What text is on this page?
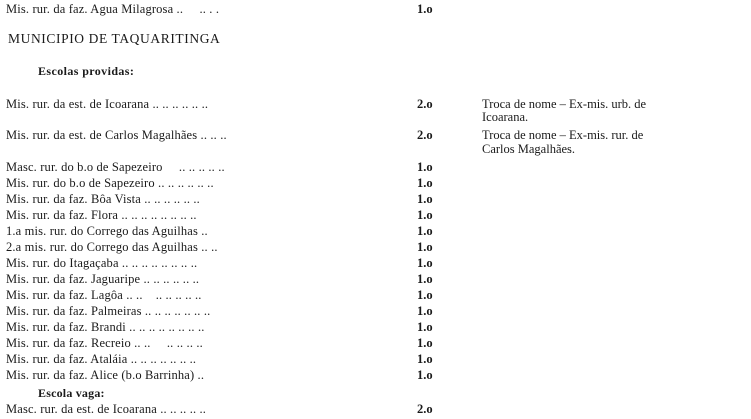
Mis. rur. da faz. Agua Milagrosa ..     .. . .	1.o
MUNICIPIO DE TAQUARITINGA
Escolas providas:
Mis. rur. da est. de Icoarana .. .. .. .. .. ..	2.o	Troca de nome – Ex-mis. urb. de
Icoarana.
Mis. rur. da est. de Carlos Magalhães .. .. ..	2.o	Troca de nome – Ex-mis. rur. de
Carlos Magalhães.
Masc. rur. do b.o de Sapezeiro     .. .. .. .. ..	1.o
Mis. rur. do b.o de Sapezeiro .. .. .. .. .. ..	1.o
Mis. rur. da faz. Bôa Vista .. .. .. .. .. ..	1.o
Mis. rur. da faz. Flora .. .. .. .. .. .. .. ..	1.o
1.a mis. rur. do Corrego das Aguilhas ..	1.o
2.a mis. rur. do Corrego das Aguilhas .. ..	1.o
Mis. rur. do Itagaçaba .. .. .. .. .. .. .. ..	1.o
Mis. rur. da faz. Jaguaripe .. .. .. .. .. ..	1.o
Mis. rur. da faz. Lagôa .. ..    .. .. .. .. ..	1.o
Mis. rur. da faz. Palmeiras .. .. .. .. .. .. ..	1.o
Mis. rur. da faz. Brandi .. .. .. .. .. .. .. ..	1.o
Mis. rur. da faz. Recreio .. ..     .. .. .. ..	1.o
Mis. rur. da faz. Ataláia .. .. .. .. .. .. ..	1.o
Mis. rur. da faz. Alice (b.o Barrinha) ..	1.o
Escola vaga:
Masc. rur. da est. de Icoarana .. .. .. .. ..	2.o
